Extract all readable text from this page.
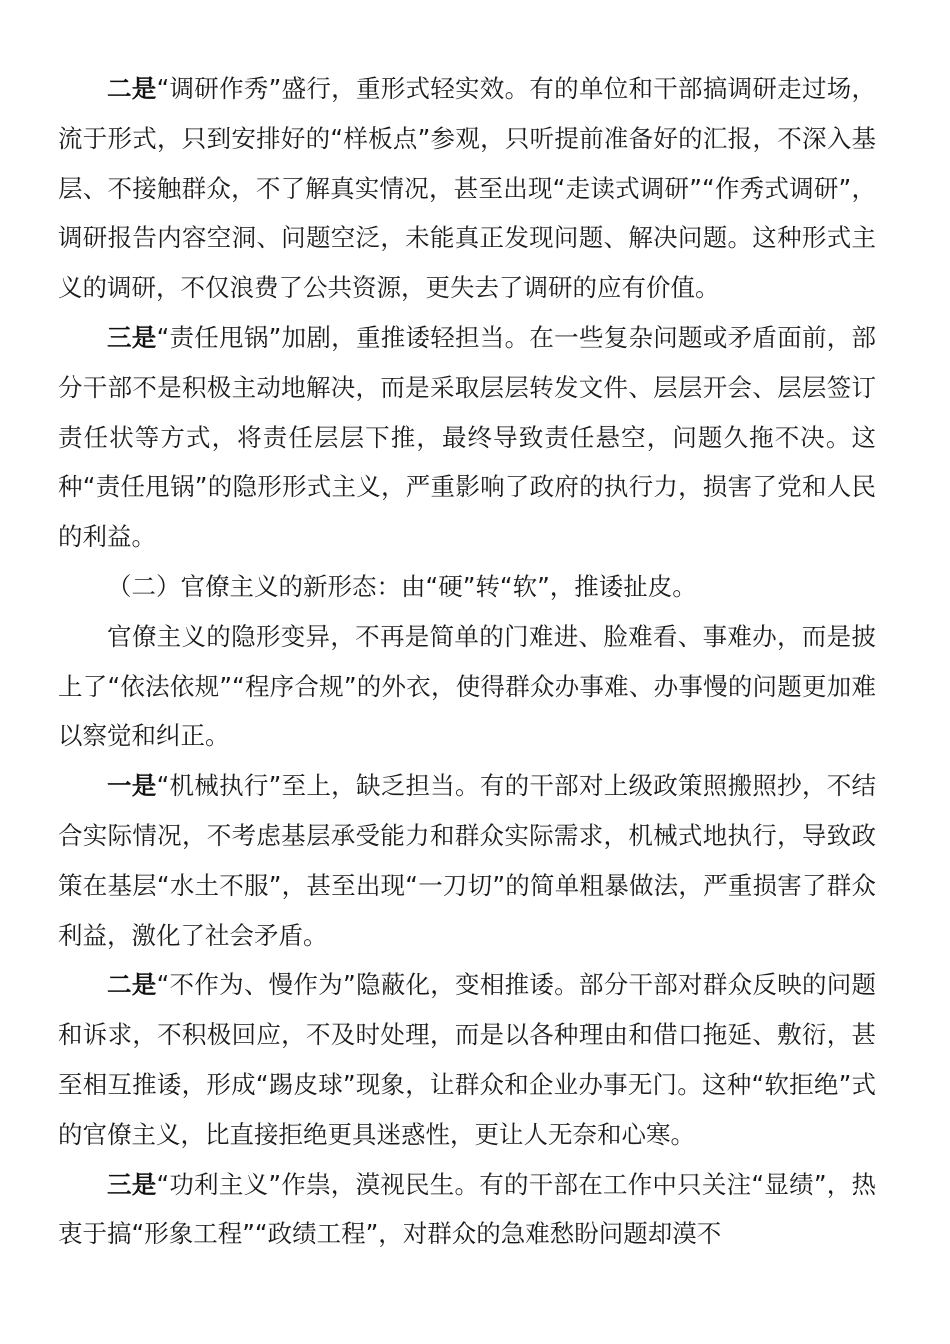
二是“调研作秀”盛行，重形式轻实效。有的单位和干部搞调研走过场，流于形式，只到安排好的“样板点”参观，只听提前准备好的汇报，不深入基层、不接触群众，不了解真实情况，甚至出现“走读式调研”“作秀式调研”，调研报告内容空洞、问题空泛，未能真正发现问题、解决问题。这种形式主义的调研，不仅浪费了公共资源，更失去了调研的应有价值。

三是“责任甩锅”加剧，重推诿轻担当。在一些复杂问题或矛盾面前，部分干部不是积极主动地解决，而是采取层层转发文件、层层开会、层层签订责任状等方式，将责任层层下推，最终导致责任悬空，问题久拖不决。这种“责任甩锅”的隐形形式主义，严重影响了政府的执行力，损害了党和人民的利益。

（二）官僚主义的新形态：由“硬”转“软”，推诿扯皮。

官僚主义的隐形变异，不再是简单的门难进、脸难看、事难办，而是披上了“依法依规”“程序合规”的外衣，使得群众办事难、办事慢的问题更加难以察觉和纠正。

一是“机械执行”至上，缺乏担当。有的干部对上级政策照搬照抄，不结合实际情况，不考虑基层承受能力和群众实际需求，机械式地执行，导致政策在基层“水土不服”，甚至出现“一刀切”的简单粗暴做法，严重损害了群众利益，激化了社会矛盾。

二是“不作为、慢作为”隐蔽化，变相推诿。部分干部对群众反映的问题和诉求，不积极回应，不及时处理，而是以各种理由和借口拖延、敷衍，甚至相互推诿，形成“踢皮球”现象，让群众和企业办事无门。这种“软拒绝”式的官僚主义，比直接拒绝更具迷惑性，更让人无奈和心寒。

三是“功利主义”作祟，漠视民生。有的干部在工作中只关注“显绩”，热衷于搞“形象工程”“政绩工程”，对群众的急难愁盼问题却漠不
